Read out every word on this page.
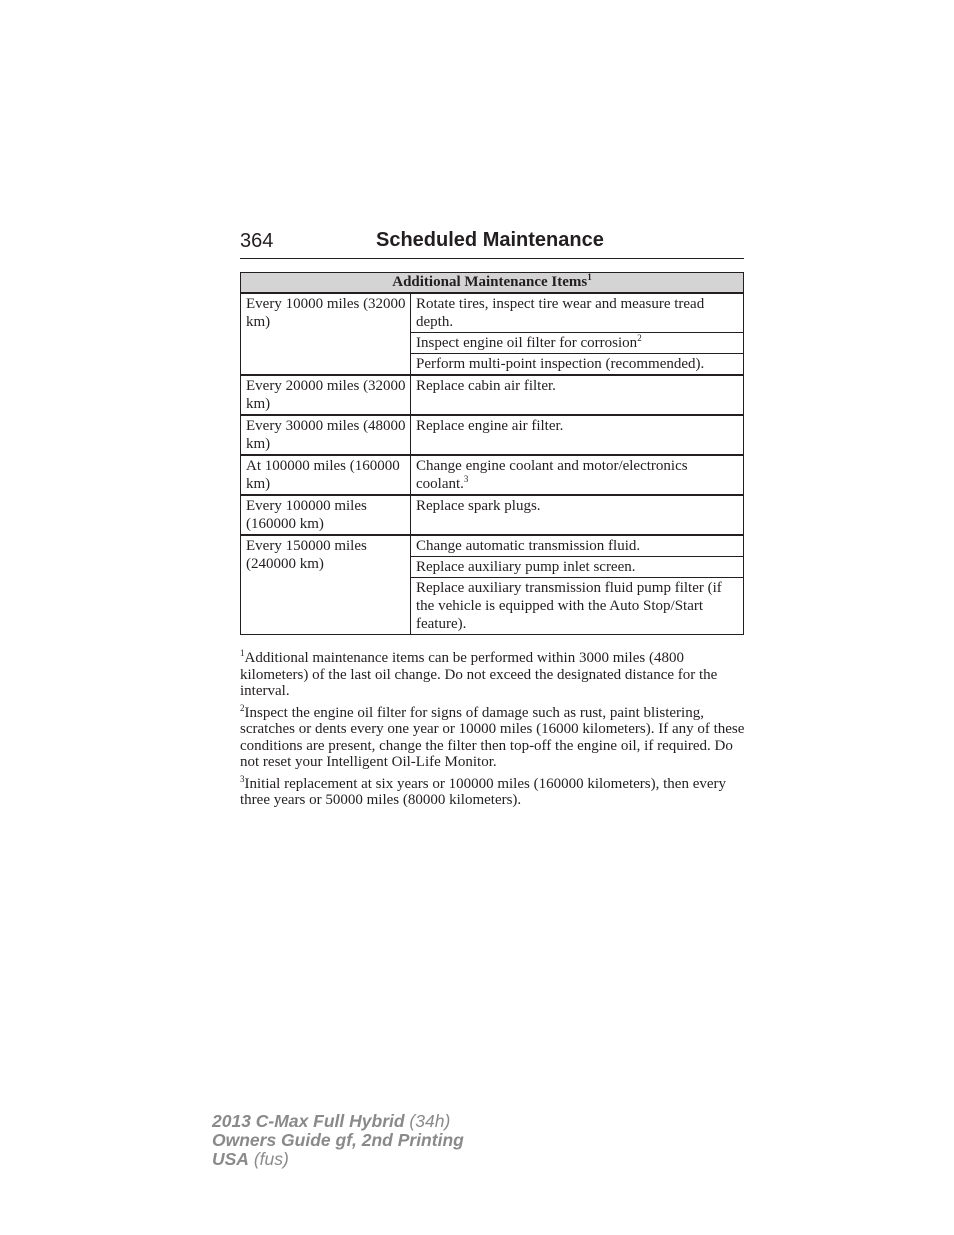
364	Scheduled Maintenance
Additional Maintenance Items$^1$
Every 10000 miles (32000 km)	Rotate tires, inspect tire wear and measure tread depth.
	Inspect engine oil filter for corrosion$^2$
	Perform multi-point inspection (recommended).
Every 20000 miles (32000 km)	Replace cabin air filter.
Every 30000 miles (48000 km)	Replace engine air filter.
At 100000 miles (160000 km)	Change engine coolant and motor/electronics coolant.$^3$
Every 100000 miles (160000 km)	Replace spark plugs.
Every 150000 miles (240000 km)	Change automatic transmission fluid.
	Replace auxiliary pump inlet screen.
	Replace auxiliary transmission fluid pump filter (if the vehicle is equipped with the Auto Stop/Start feature).

$^1$Additional maintenance items can be performed within 3000 miles (4800 kilometers) of the last oil change. Do not exceed the designated distance for the interval.

$^2$Inspect the engine oil filter for signs of damage such as rust, paint blistering, scratches or dents every one year or 10000 miles (16000 kilometers). If any of these conditions are present, change the filter then top-off the engine oil, if required. Do not reset your Intelligent Oil-Life Monitor.

$^3$Initial replacement at six years or 100000 miles (160000 kilometers), then every three years or 50000 miles (80000 kilometers).

2013 C-Max Full Hybrid (34h)
Owners Guide gf, 2nd Printing
USA (fus)
